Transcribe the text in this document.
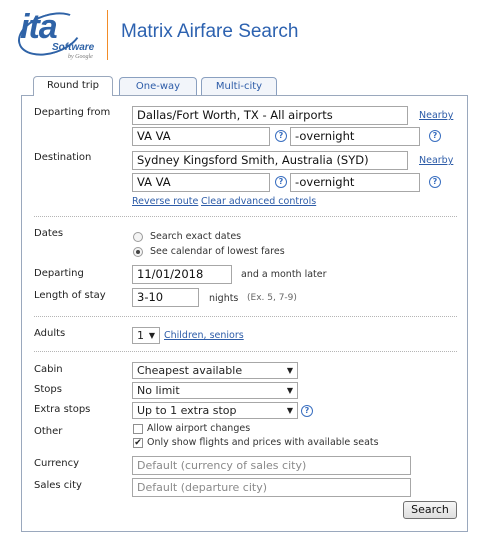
ita
Software
by Google
Matrix Airfare Search
Round trip	One-way	Multi-city
Departing from	Dallas/Fort Worth, TX - All airports	Nearby
VA VA	?	-overnight	?
Destination	Sydney Kingsford Smith, Australia (SYD)	Nearby
VA VA	?	-overnight	?
Reverse route Clear advanced controls
Dates	Search exact dates
See calendar of lowest fares
Departing	11/01/2018	and a month later
Length of stay	3-10	nights (Ex. 5, 7-9)
Adults	1 ▼ Children, seniors
Cabin	Cheapest available	▼
Stops	No limit	▼
Extra stops	Up to 1 extra stop	▼	?
Other	Allow airport changes
✔ Only show flights and prices with available seats
Currency	Default (currency of sales city)
Sales city	Default (departure city)
Search
